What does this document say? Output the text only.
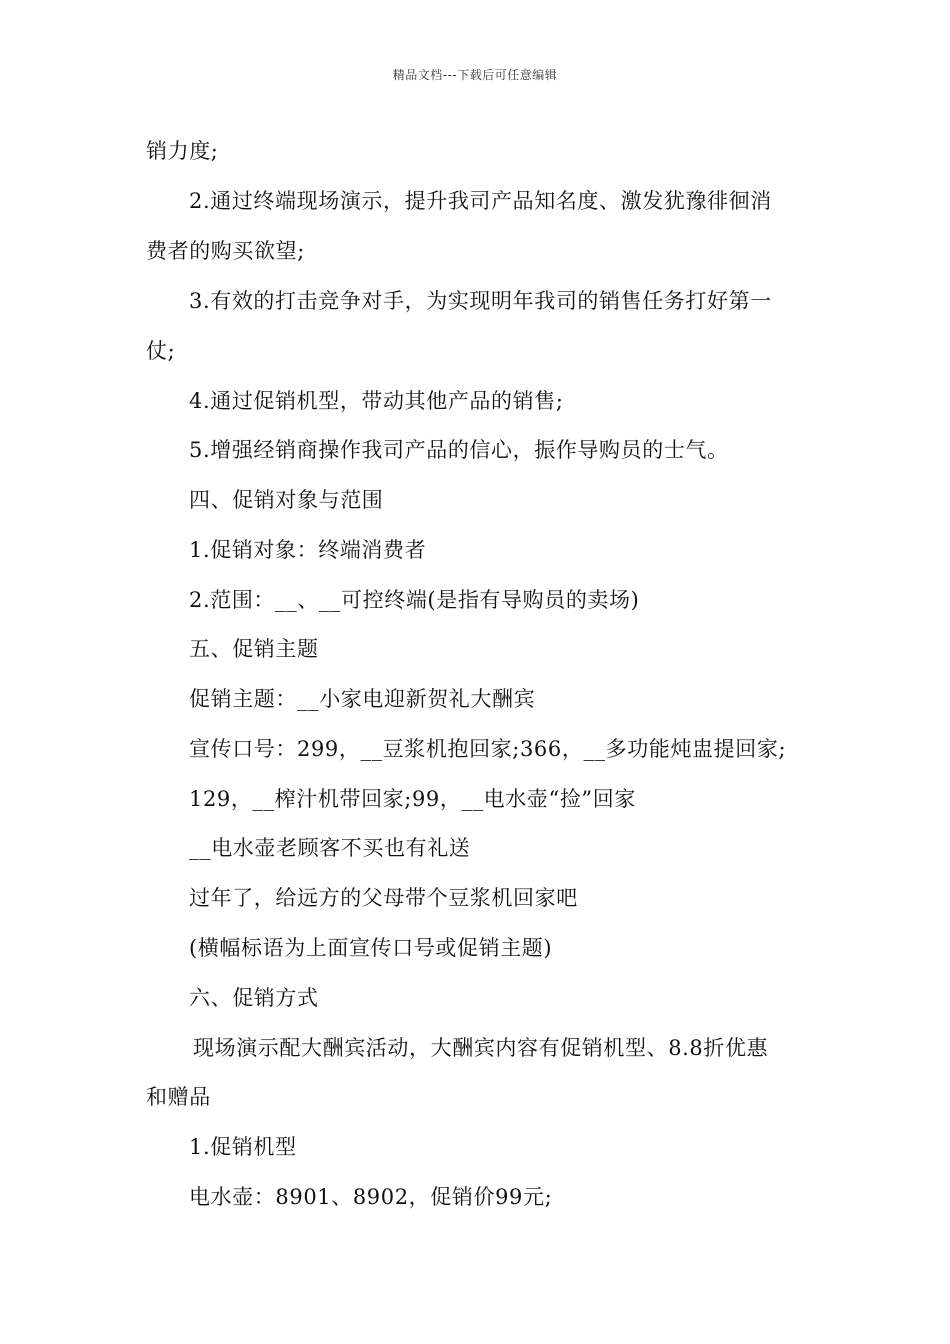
精品文档---下载后可任意编辑
销力度;
2.通过终端现场演示，提升我司产品知名度、激发犹豫徘徊消
费者的购买欲望;
3.有效的打击竞争对手，为实现明年我司的销售任务打好第一
仗;
4.通过促销机型，带动其他产品的销售;
5.增强经销商操作我司产品的信心，振作导购员的士气。
四、促销对象与范围
1.促销对象：终端消费者
2.范围：__、__可控终端(是指有导购员的卖场)
五、促销主题
促销主题：__小家电迎新贺礼大酬宾
宣传口号：299，__豆浆机抱回家;366，__多功能炖盅提回家;
129，__榨汁机带回家;99，__电水壶“捡”回家
__电水壶老顾客不买也有礼送
过年了，给远方的父母带个豆浆机回家吧
(横幅标语为上面宣传口号或促销主题)
六、促销方式
现场演示配大酬宾活动，大酬宾内容有促销机型、8.8折优惠
和赠品
1.促销机型
电水壶：8901、8902，促销价99元;
